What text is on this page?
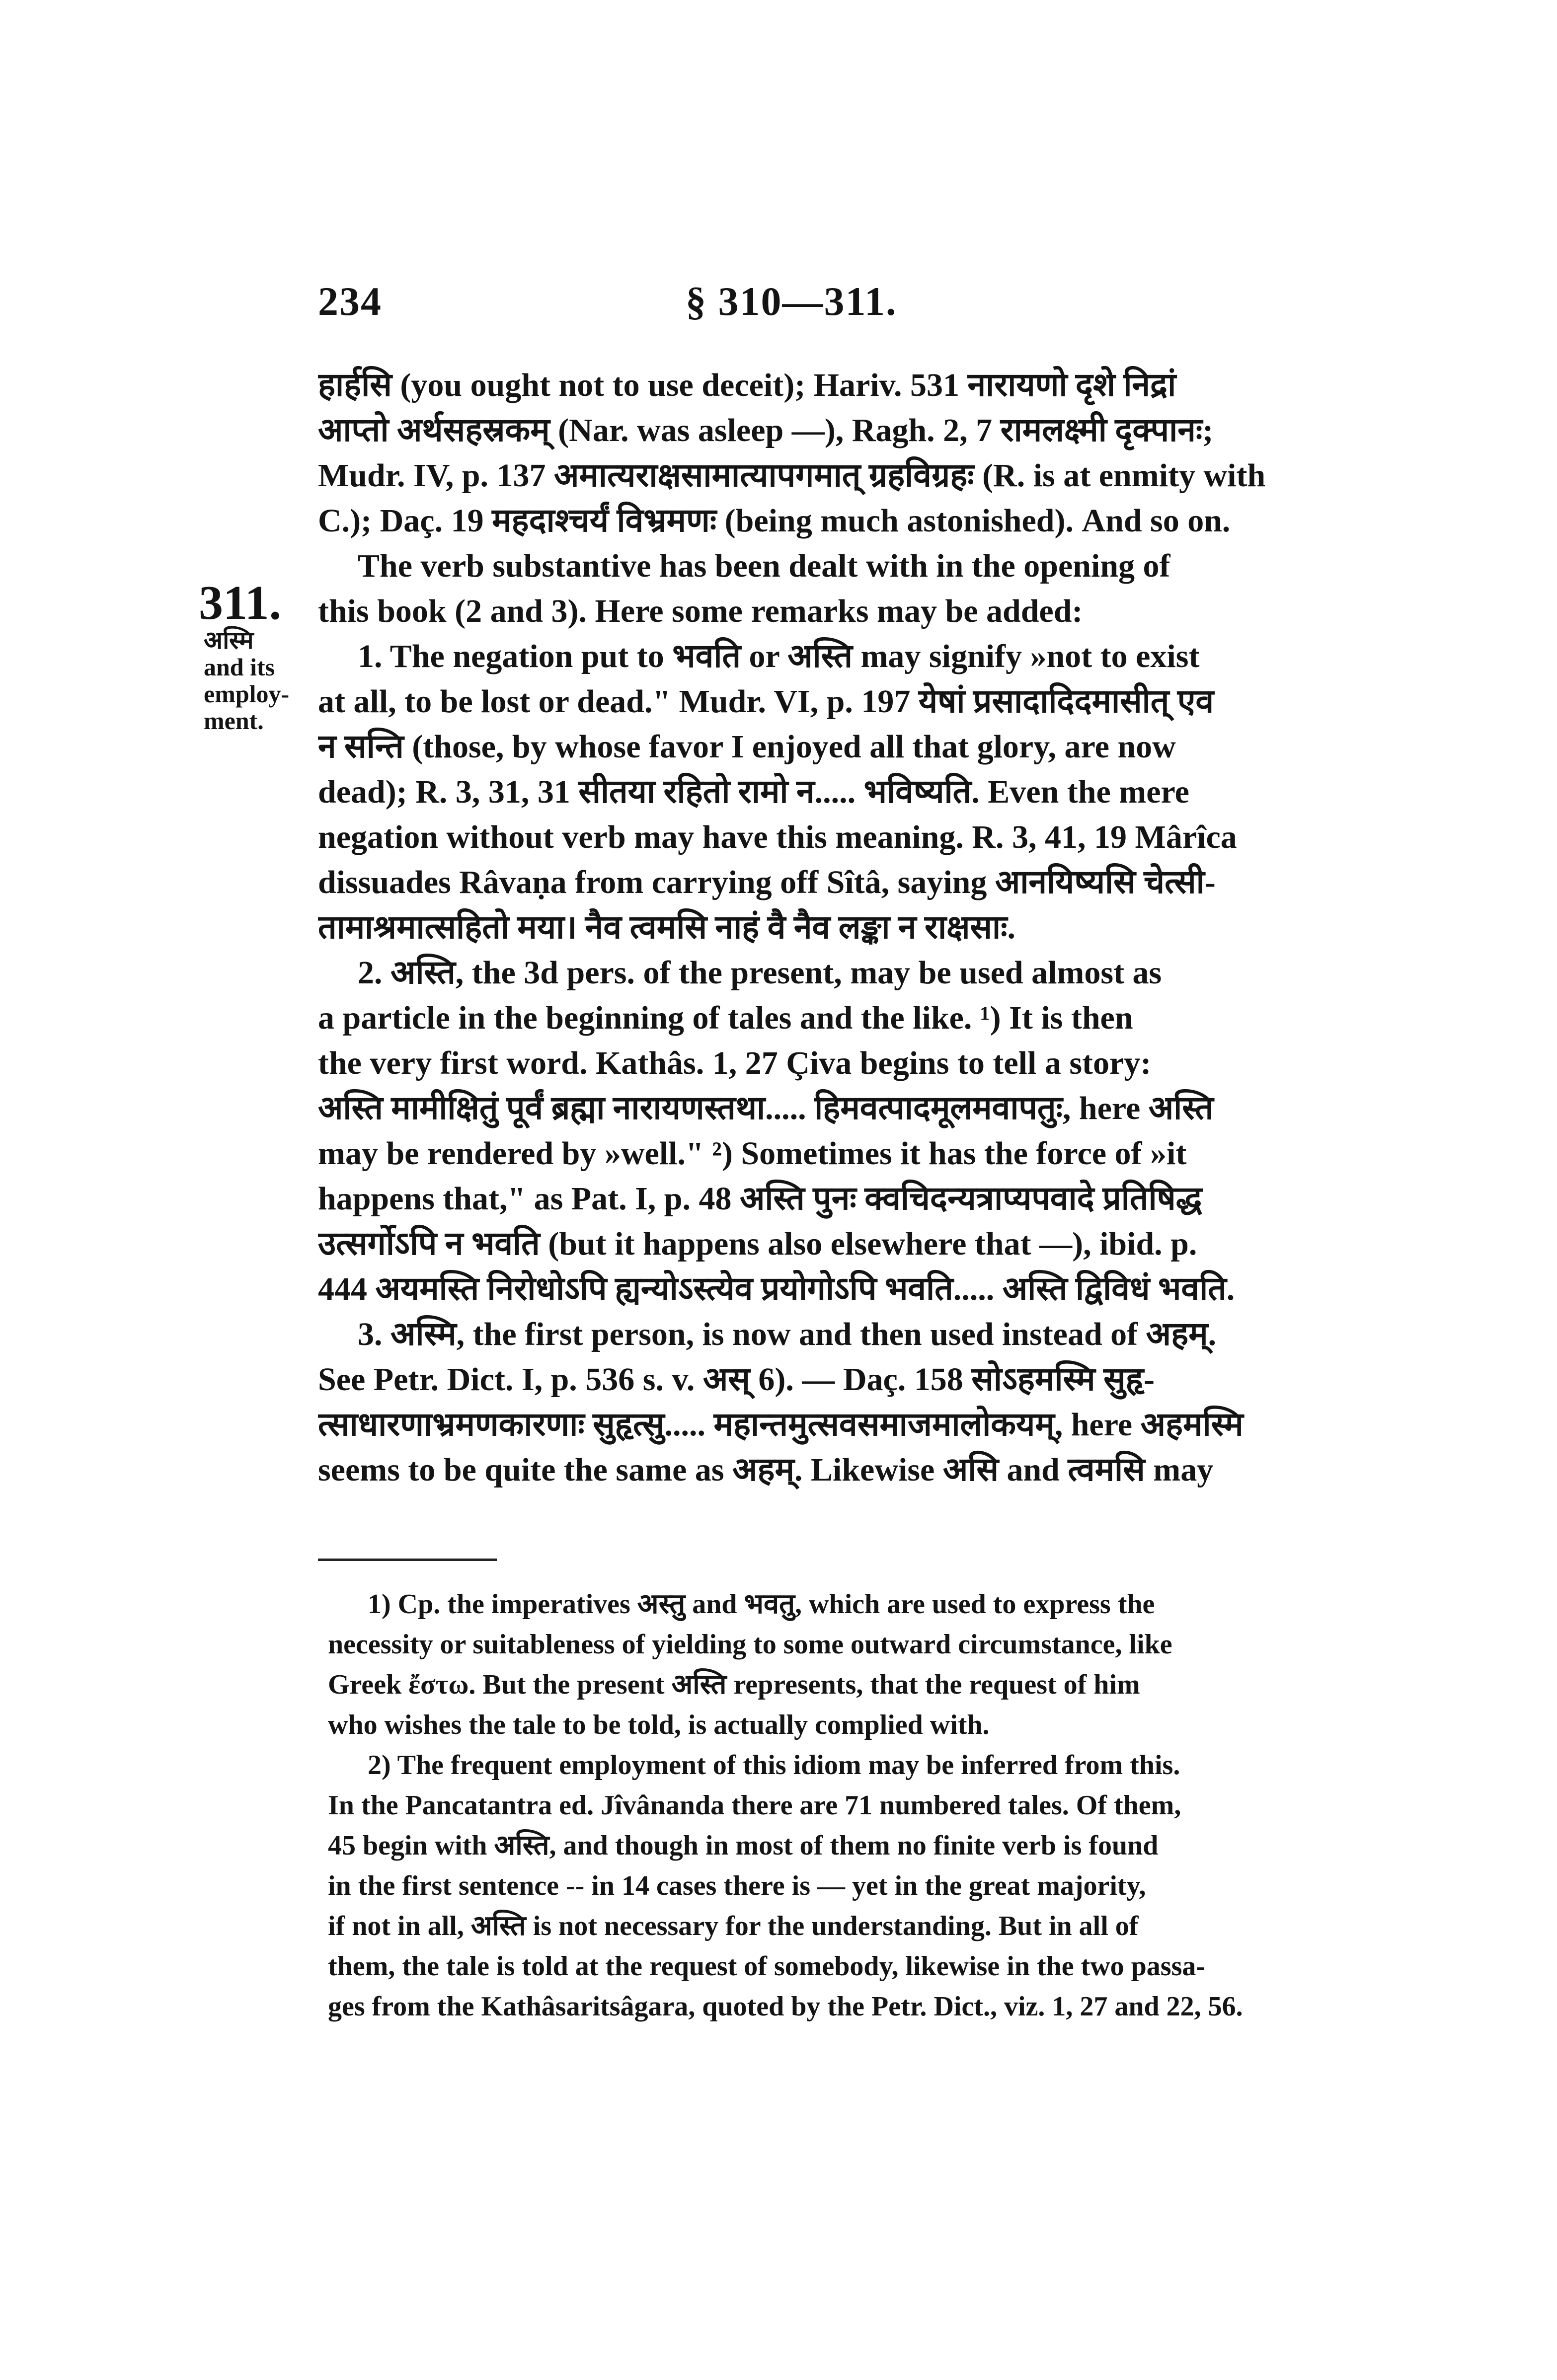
234	§ 310—311.
311.
अस्मि
and its
employ-
ment.
हार्हसि (you ought not to use deceit); Hariv. 531 नारायणो दृशे निद्रां
आप्तो अर्थसहस्रकम् (Nar. was asleep —), Ragh. 2, 7 रामलक्ष्मी दृक्पानः;
Mudr. IV, p. 137 अमात्यराक्षसामात्यापगमात् ग्रहविग्रहः (R. is at enmity with
C.); Daç. 19 महदाश्चर्यं विभ्रमणः (being much astonished). And so on.
The verb substantive has been dealt with in the opening of
this book (2 and 3). Here some remarks may be added:
1. The negation put to भवति or अस्ति may signify »not to exist
at all, to be lost or dead." Mudr. VI, p. 197 येषां प्रसादादिदमासीत् एव
न सन्ति (those, by whose favor I enjoyed all that glory, are now
dead); R. 3, 31, 31 सीतया रहितो रामो न..... भविष्यति. Even the mere
negation without verb may have this meaning. R. 3, 41, 19 Mârîca
dissuades Râvaṇa from carrying off Sîtâ, saying आनयिष्यसि चेत्सी-
तामाश्रमात्सहितो मया। नैव त्वमसि नाहं वै नैव लङ्का न राक्षसाः.
2. अस्ति, the 3d pers. of the present, may be used almost as
a particle in the beginning of tales and the like. ¹) It is then
the very first word. Kathâs. 1, 27 Çiva begins to tell a story:
अस्ति मामीक्षितुं पूर्वं ब्रह्मा नारायणस्तथा..... हिमवत्पादमूलमवापतुः, here अस्ति
may be rendered by »well." ²) Sometimes it has the force of »it
happens that," as Pat. I, p. 48 अस्ति पुनः क्वचिदन्यत्राप्यपवादे प्रतिषिद्ध
उत्सर्गोऽपि न भवति (but it happens also elsewhere that —), ibid. p.
444 अयमस्ति निरोधोऽपि ह्यन्योऽस्त्येव प्रयोगोऽपि भवति..... अस्ति द्विविधं भवति.
3. अस्मि, the first person, is now and then used instead of अहम्.
See Petr. Dict. I, p. 536 s. v. अस् 6). — Daç. 158 सोऽहमस्मि सुहृ-
त्साधारणाभ्रमणकारणाः सुहृत्सु..... महान्तमुत्सवसमाजमालोकयम्, here अहमस्मि
seems to be quite the same as अहम्. Likewise असि and त्वमसि may
1) Cp. the imperatives अस्तु and भवतु, which are used to express the
necessity or suitableness of yielding to some outward circumstance, like
Greek ἔστω. But the present अस्ति represents, that the request of him
who wishes the tale to be told, is actually complied with.
2) The frequent employment of this idiom may be inferred from this.
In the Pancatantra ed. Jîvânanda there are 71 numbered tales. Of them,
45 begin with अस्ति, and though in most of them no finite verb is found
in the first sentence -- in 14 cases there is — yet in the great majority,
if not in all, अस्ति is not necessary for the understanding. But in all of
them, the tale is told at the request of somebody, likewise in the two passa-
ges from the Kathâsaritsâgara, quoted by the Petr. Dict., viz. 1, 27 and 22, 56.
